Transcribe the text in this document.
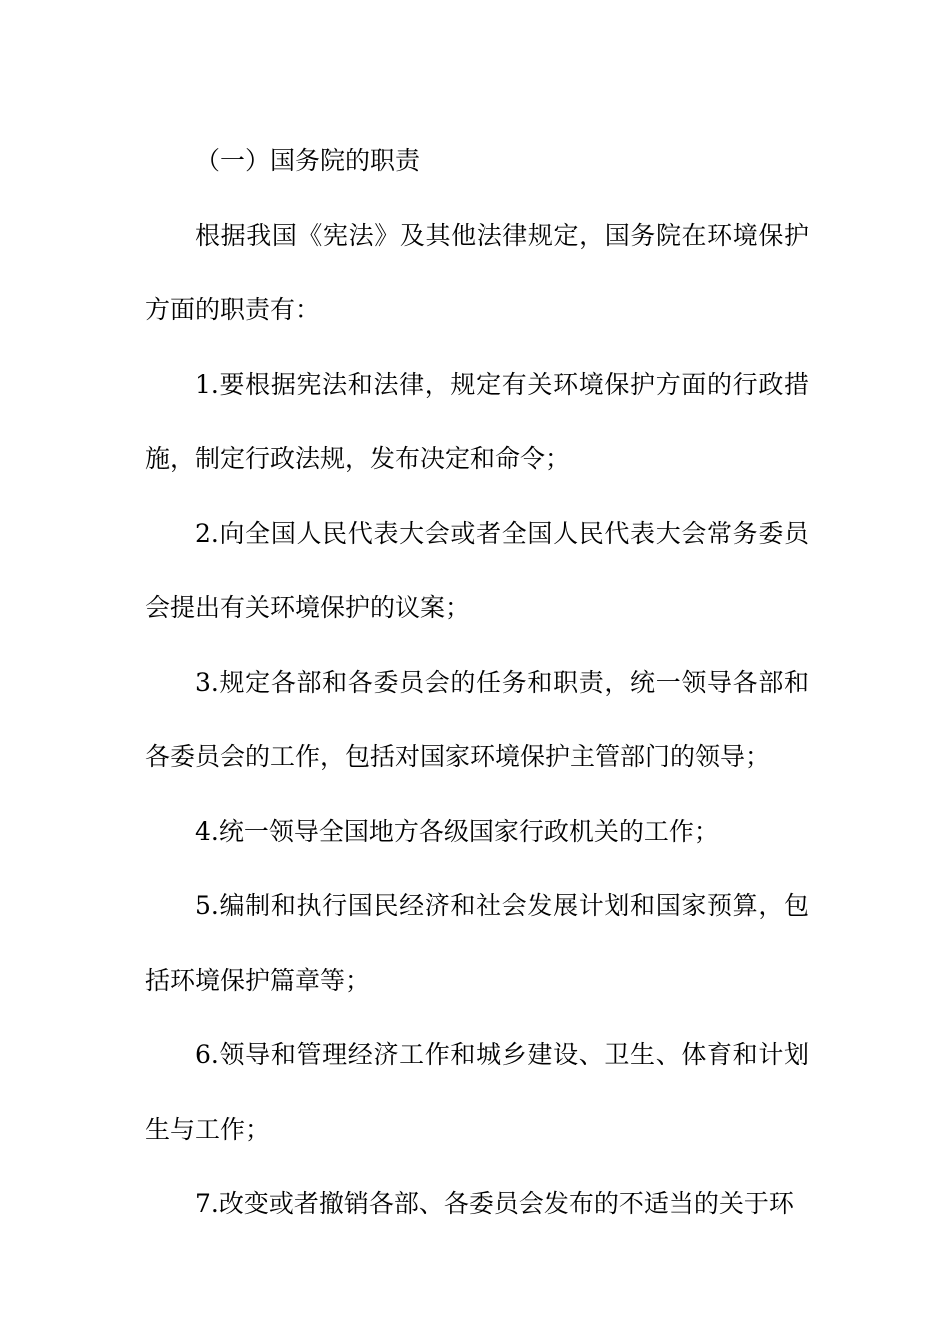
（一）国务院的职责

根据我国《宪法》及其他法律规定，国务院在环境保护方面的职责有：

1.要根据宪法和法律，规定有关环境保护方面的行政措施，制定行政法规，发布决定和命令；

2.向全国人民代表大会或者全国人民代表大会常务委员会提出有关环境保护的议案；

3.规定各部和各委员会的任务和职责，统一领导各部和各委员会的工作，包括对国家环境保护主管部门的领导；

4.统一领导全国地方各级国家行政机关的工作；

5.编制和执行国民经济和社会发展计划和国家预算，包括环境保护篇章等；

6.领导和管理经济工作和城乡建设、卫生、体育和计划生与工作；

7.改变或者撤销各部、各委员会发布的不适当的关于环
